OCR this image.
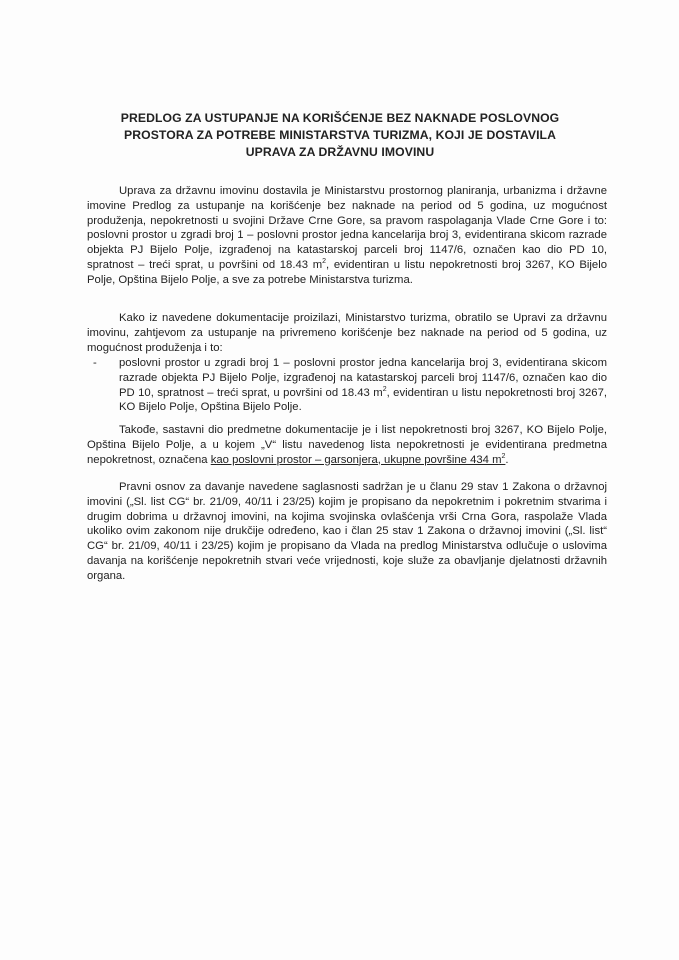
PREDLOG ZA USTUPANJE NA KORIŠĆENJE BEZ NAKNADE POSLOVNOG
PROSTORA ZA POTREBE MINISTARSTVA TURIZMA, KOJI JE DOSTAVILA
UPRAVA ZA DRŽAVNU IMOVINU
Uprava za državnu imovinu dostavila je Ministarstvu prostornog planiranja, urbanizma i državne imovine Predlog za ustupanje na korišćenje bez naknade na period od 5 godina, uz mogućnost produženja, nepokretnosti u svojini Države Crne Gore, sa pravom raspolaganja Vlade Crne Gore i to: poslovni prostor u zgradi broj 1 – poslovni prostor jedna kancelarija broj 3, evidentirana skicom razrade objekta PJ Bijelo Polje, izgrađenoj na katastarskoj parceli broj 1147/6, označen kao dio PD 10, spratnost – treći sprat, u površini od 18.43 $m^2$, evidentiran u listu nepokretnosti broj 3267, KO Bijelo Polje, Opština Bijelo Polje, a sve za potrebe Ministarstva turizma.
Kako iz navedene dokumentacije proizilazi, Ministarstvo turizma, obratilo se Upravi za državnu imovinu, zahtjevom za ustupanje na privremeno korišćenje bez naknade na period od 5 godina, uz mogućnost produženja i to:
- poslovni prostor u zgradi broj 1 – poslovni prostor jedna kancelarija broj 3, evidentirana skicom razrade objekta PJ Bijelo Polje, izgrađenoj na katastarskoj parceli broj 1147/6, označen kao dio PD 10, spratnost – treći sprat, u površini od 18.43 $m^2$, evidentiran u listu nepokretnosti broj 3267, KO Bijelo Polje, Opština Bijelo Polje.
Takođe, sastavni dio predmetne dokumentacije je i list nepokretnosti broj 3267, KO Bijelo Polje, Opština Bijelo Polje, a u kojem „V“ listu navedenog lista nepokretnosti je evidentirana predmetna nepokretnost, označena kao poslovni prostor – garsonjera, ukupne površine 434 $m^2$.
Pravni osnov za davanje navedene saglasnosti sadržan je u članu 29 stav 1 Zakona o državnoj imovini („Sl. list CG“ br. 21/09, 40/11 i 23/25) kojim je propisano da nepokretnim i pokretnim stvarima i drugim dobrima u državnoj imovini, na kojima svojinska ovlašćenja vrši Crna Gora, raspolaže Vlada ukoliko ovim zakonom nije drukčije određeno, kao i član 25 stav 1 Zakona o državnoj imovini („Sl. list“ CG“ br. 21/09, 40/11 i 23/25) kojim je propisano da Vlada na predlog Ministarstva odlučuje o uslovima davanja na korišćenje nepokretnih stvari veće vrijednosti, koje služe za obavljanje djelatnosti državnih organa.
